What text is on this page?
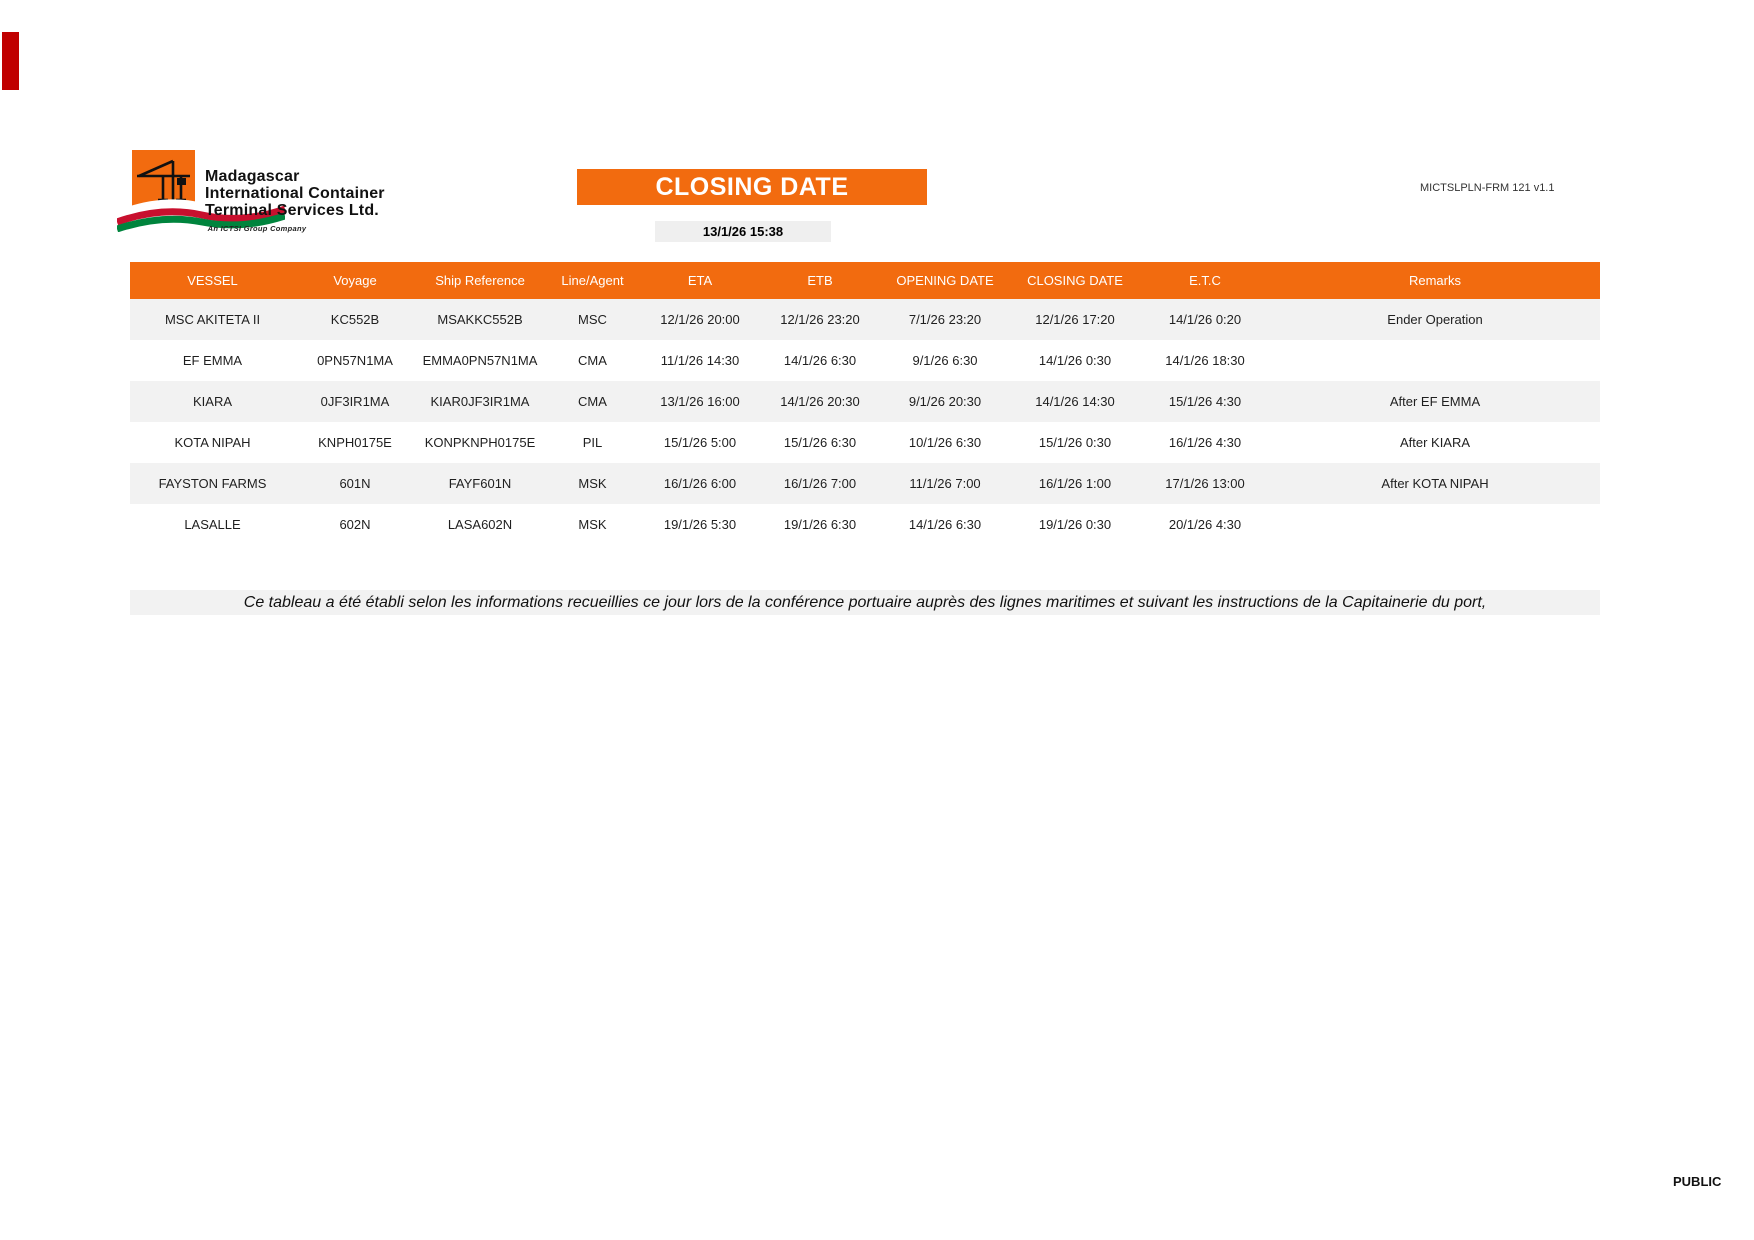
Madagascar
International Container
Terminal Services Ltd.
An ICTSI Group Company
CLOSING DATE
13/1/26 15:38
MICTSLPLN-FRM 121 v1.1
VESSEL	Voyage	Ship Reference	Line/Agent	ETA	ETB	OPENING DATE	CLOSING DATE	E.T.C	Remarks
MSC AKITETA II	KC552B	MSAKKC552B	MSC	12/1/26 20:00	12/1/26 23:20	7/1/26 23:20	12/1/26 17:20	14/1/26 0:20	Ender Operation
EF EMMA	0PN57N1MA	EMMA0PN57N1MA	CMA	11/1/26 14:30	14/1/26 6:30	9/1/26 6:30	14/1/26 0:30	14/1/26 18:30	
KIARA	0JF3IR1MA	KIAR0JF3IR1MA	CMA	13/1/26 16:00	14/1/26 20:30	9/1/26 20:30	14/1/26 14:30	15/1/26 4:30	After EF EMMA
KOTA NIPAH	KNPH0175E	KONPKNPH0175E	PIL	15/1/26 5:00	15/1/26 6:30	10/1/26 6:30	15/1/26 0:30	16/1/26 4:30	After KIARA
FAYSTON FARMS	601N	FAYF601N	MSK	16/1/26 6:00	16/1/26 7:00	11/1/26 7:00	16/1/26 1:00	17/1/26 13:00	After KOTA NIPAH
LASALLE	602N	LASA602N	MSK	19/1/26 5:30	19/1/26 6:30	14/1/26 6:30	19/1/26 0:30	20/1/26 4:30	
Ce tableau a été établi selon les informations recueillies ce jour lors de la conférence portuaire auprès des lignes maritimes et suivant les instructions de la Capitainerie du port,
PUBLIC
